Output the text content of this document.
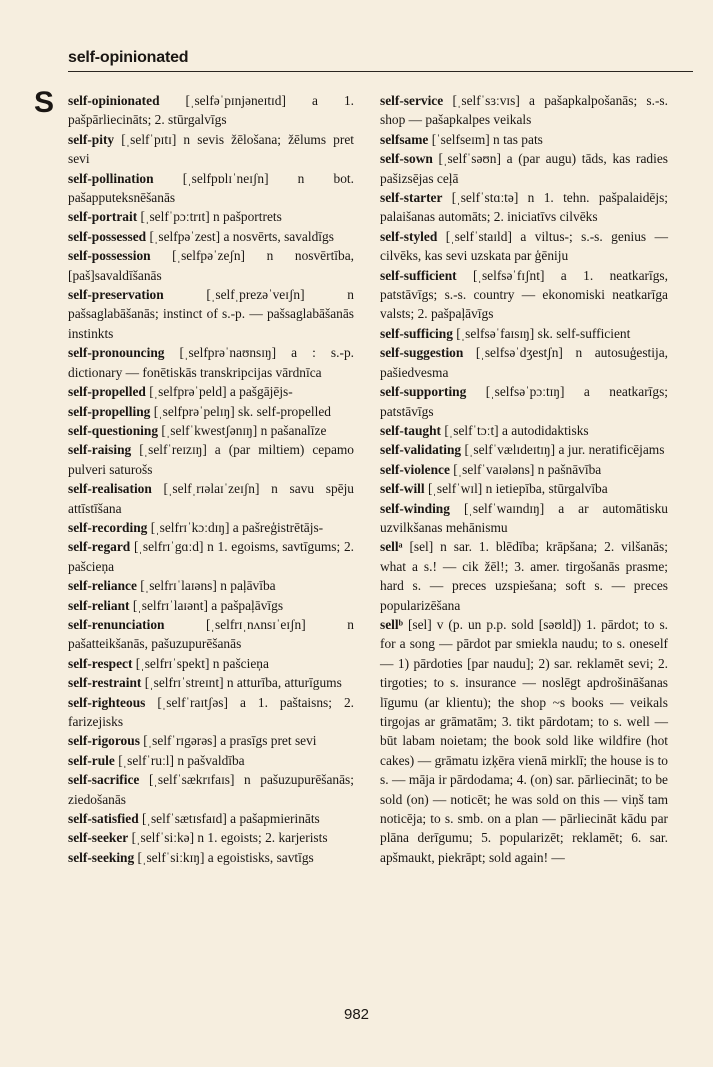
self-opinionated
S self-opinionated [ˌselfəˈpɪnjəneɪtɪd] a 1. pašpārliecināts; 2. stūrgalvīgs

self-pity [ˌselfˈpɪtɪ] n sevis žēlošana; žēlums pret sevi

self-pollination [ˌselfpɒlɪˈneɪʃn] n bot. pašapputeksnēšanās

self-portrait [ˌselfˈpɔːtrɪt] n pašportrets

self-possessed [ˌselfpəˈzest] a nosvērts, savaldīgs

self-possession [ˌselfpəˈzeʃn] n nosvērtība, [paš]savaldīšanās

self-preservation [ˌselfˌprezəˈveɪʃn] n pašsaglabāšanās; instinct of s.-p. — pašsaglabāšanās instinkts

self-pronouncing [ˌselfprəˈnaʊnsɪŋ] a : s.-p. dictionary — fonētiskās transkripcijas vārdnīca

self-propelled [ˌselfprəˈpeld] a pašgājējs-

self-propelling [ˌselfprəˈpelɪŋ] sk. self-propelled

self-questioning [ˌselfˈkwestʃənɪŋ] n pašanalīze

self-raising [ˌselfˈreɪzɪŋ] a (par miltiem) cepamo pulveri saturošs

self-realisation [ˌselfˌrɪəlaɪˈzeɪʃn] n savu spēju attīstīšana

self-recording [ˌselfrɪˈkɔːdɪŋ] a pašreģistrētājs-

self-regard [ˌselfrɪˈgɑːd] n 1. egoisms, savtīgums; 2. pašcieņa

self-reliance [ˌselfrɪˈlaɪəns] n paļāvība

self-reliant [ˌselfrɪˈlaɪənt] a pašpaļāvīgs

self-renunciation [ˌselfrɪˌnʌnsɪˈeɪʃn] n pašatteikšanās, pašuzupurēšanās

self-respect [ˌselfrɪˈspekt] n pašcieņa

self-restraint [ˌselfrɪˈstreɪnt] n atturība, atturīgums

self-righteous [ˌselfˈraɪtʃəs] a 1. paštaisns; 2. farizejisks

self-rigorous [ˌselfˈrɪgərəs] a prasīgs pret sevi

self-rule [ˌselfˈruːl] n pašvaldība

self-sacrifice [ˌselfˈsækrɪfaɪs] n pašuzupurēšanās; ziedošanās

self-satisfied [ˌselfˈsætɪsfaɪd] a pašapmierināts

self-seeker [ˌselfˈsiːkə] n 1. egoists; 2. karjerists

self-seeking [ˌselfˈsiːkɪŋ] a egoistisks, savtīgs

self-service [ˌselfˈsɜːvɪs] a pašapkalpošanās; s.-s. shop — pašapkalpes veikals

selfsame [ˈselfseɪm] n tas pats

self-sown [ˌselfˈsəʊn] a (par augu) tāds, kas radies pašizsējas ceļā

self-starter [ˌselfˈstɑːtə] n 1. tehn. pašpalaidējs; palaišanas automāts; 2. iniciatīvs cilvēks

self-styled [ˌselfˈstaɪld] a viltus-; s.-s. genius — cilvēks, kas sevi uzskata par ģēniju

self-sufficient [ˌselfsəˈfɪʃnt] a 1. neatkarīgs, patstāvīgs; s.-s. country — ekonomiski neatkarīga valsts; 2. pašpaļāvīgs

self-sufficing [ˌselfsəˈfaɪsɪŋ] sk. self-sufficient

self-suggestion [ˌselfsəˈdʒestʃn] n autosuģestija, pašiedvesma

self-supporting [ˌselfsəˈpɔːtɪŋ] a neatkarīgs; patstāvīgs

self-taught [ˌselfˈtɔːt] a autodidaktisks

self-validating [ˌselfˈvælɪdeɪtɪŋ] a jur. neratificējams

self-violence [ˌselfˈvaɪələns] n pašnāvība

self-will [ˌselfˈwɪl] n ietiepība, stūrgalvība

self-winding [ˌselfˈwaɪndɪŋ] a ar automātisku uzvilkšanas mehānismu

sellᵃ [sel] n sar. 1. blēdība; krāpšana; 2. vilšanās; what a s.! — cik žēl!; 3. amer. tirgošanās prasme; hard s. — preces uzspiešana; soft s. — preces popularizēšana

sellᵇ [sel] v (p. un p.p. sold [səʊld]) 1. pārdot; to s. for a song — pārdot par smiekla naudu; to s. oneself — 1) pārdoties [par naudu]; 2) sar. reklamēt sevi; 2. tirgoties; to s. insurance — noslēgt apdrošināšanas līgumu (ar klientu); the shop ~s books — veikals tirgojas ar grāmatām; 3. tikt pārdotam; to s. well — būt labam noietam; the book sold like wildfire (hot cakes) — grāmatu izķēra vienā mirklī; the house is to s. — māja ir pārdodama; 4. (on) sar. pārliecināt; to be sold (on) — noticēt; he was sold on this — viņš tam noticēja; to s. smb. on a plan — pārliecināt kādu par plāna derīgumu; 5. popularizēt; reklamēt; 6. sar. apšmaukt, piekrāpt; sold again! —

982
